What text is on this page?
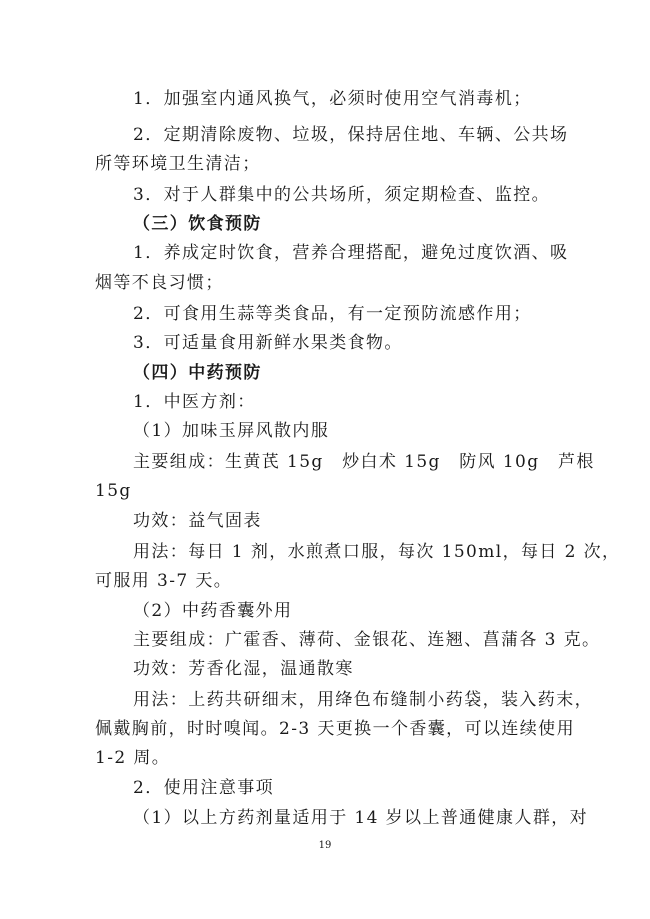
1．加强室内通风换气，必须时使用空气消毒机；
2．定期清除废物、垃圾，保持居住地、车辆、公共场
所等环境卫生清洁；
3．对于人群集中的公共场所，须定期检查、监控。
（三）饮食预防
1．养成定时饮食，营养合理搭配，避免过度饮酒、吸
烟等不良习惯；
2．可食用生蒜等类食品，有一定预防流感作用；
3．可适量食用新鲜水果类食物。
（四）中药预防
1．中医方剂：
（1）加味玉屏风散内服
主要组成：生黄芪 15g　炒白术 15g　防风 10g　芦根
15g
功效：益气固表
用法：每日 1 剂，水煎煮口服，每次 150ml，每日 2 次，
可服用 3-7 天。
（2）中药香囊外用
主要组成：广霍香、薄荷、金银花、连翘、菖蒲各 3 克。
功效：芳香化湿，温通散寒
用法：上药共研细末，用绛色布缝制小药袋，装入药末，
佩戴胸前，时时嗅闻。2-3 天更换一个香囊，可以连续使用
1-2 周。
2．使用注意事项
（1）以上方药剂量适用于 14 岁以上普通健康人群，对
19
